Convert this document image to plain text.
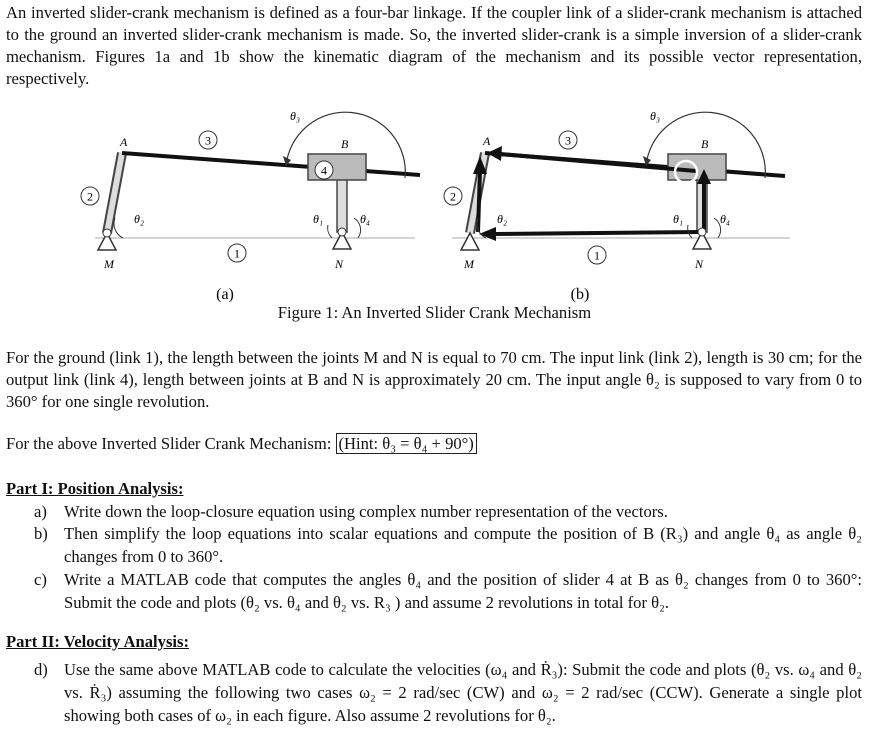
An inverted slider-crank mechanism is defined as a four-bar linkage. If the coupler link of a slider-crank mechanism is attached to the ground an inverted slider-crank mechanism is made. So, the inverted slider-crank is a simple inversion of a slider-crank mechanism. Figures 1a and 1b show the kinematic diagram of the mechanism and its possible vector representation, respectively.
3
2
1
4
A	B
M	N
θ₃
θ₂	θ₁	θ₄
(a)
3
2
1
A	B
M	N
θ₃
θ₂	θ₁	θ₄
(b)
Figure 1: An Inverted Slider Crank Mechanism
For the ground (link 1), the length between the joints M and N is equal to 70 cm. The input link (link 2), length is 30 cm; for the output link (link 4), length between joints at B and N is approximately 20 cm. The input angle θ₂ is supposed to vary from 0 to 360° for one single revolution.
For the above Inverted Slider Crank Mechanism: (Hint: θ₃ = θ₄ + 90°)
Part I: Position Analysis:
a)	Write down the loop-closure equation using complex number representation of the vectors.
b) Then simplify the loop equations into scalar equations and compute the position of B (R₃) and angle θ₄ as angle θ₂ changes from 0 to 360°.
c)	Write a MATLAB code that computes the angles θ₄ and the position of slider 4 at B as θ₂ changes from 0 to 360°: Submit the code and plots (θ₂ vs. θ₄ and θ₂ vs. R₃ ) and assume 2 revolutions in total for θ₂.
Part II: Velocity Analysis:
d) Use the same above MATLAB code to calculate the velocities (ω₄ and Ṙ₃): Submit the code and plots (θ₂ vs. ω₄ and θ₂ vs. Ṙ₃) assuming the following two cases ω₂ = 2 rad/sec (CW) and ω₂ = 2 rad/sec (CCW). Generate a single plot showing both cases of ω₂ in each figure. Also assume 2 revolutions for θ₂.
